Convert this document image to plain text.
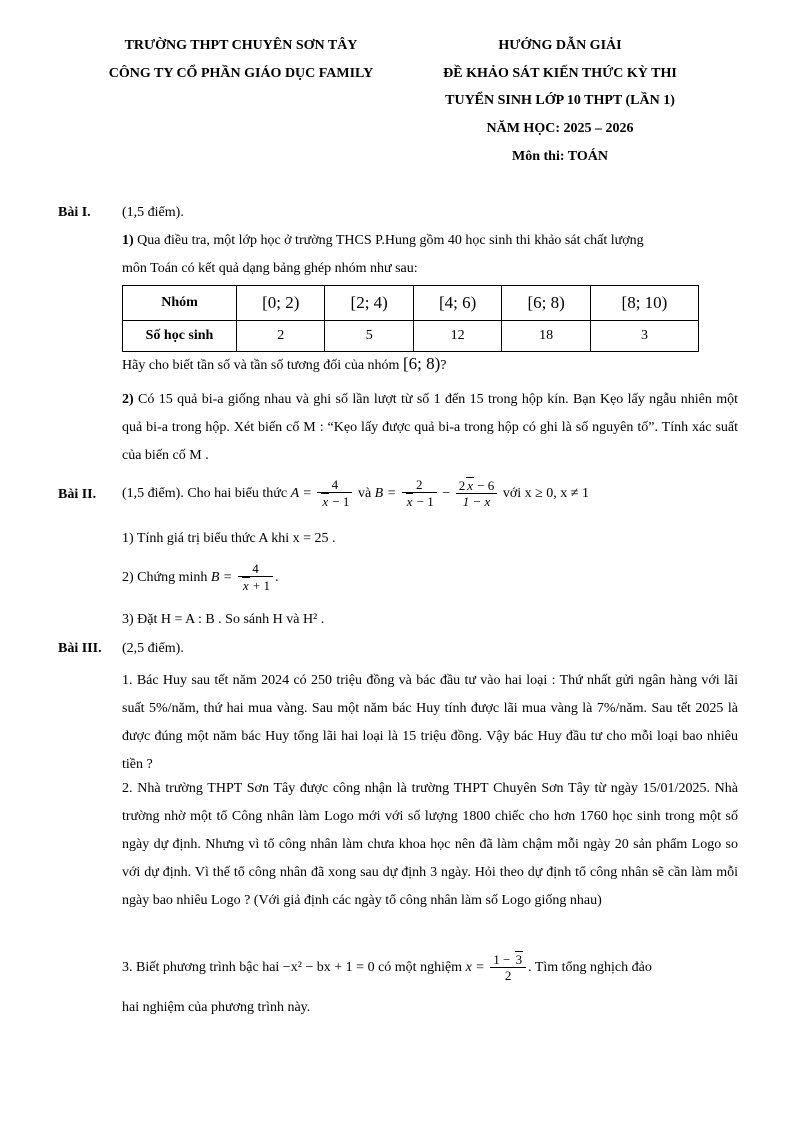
TRƯỜNG THPT CHUYÊN SƠN TÂY
CÔNG TY CỔ PHẦN GIÁO DỤC FAMILY
HƯỚNG DẪN GIẢI
ĐỀ KHẢO SÁT KIẾN THỨC KỲ THI
TUYỂN SINH LỚP 10 THPT (LẦN 1)
NĂM HỌC: 2025 – 2026
Môn thi: TOÁN
Bài I. (1,5 điểm).
1) Qua điều tra, một lớp học ở trường THCS P.Hung gồm 40 học sinh thi khảo sát chất lượng
môn Toán có kết quả dạng bảng ghép nhóm như sau:
Nhóm	[0; 2)	[2; 4)	[4; 6)	[6; 8)	[8; 10)
Số học sinh	2	5	12	18	3
Hãy cho biết tần số và tần số tương đối của nhóm [6; 8)?
2) Có 15 quả bi-a giống nhau và ghi số lần lượt từ số 1 đến 15 trong hộp kín. Bạn Kẹo lấy ngẫu nhiên một quả bi-a trong hộp. Xét biến cố M : “Kẹo lấy được quả bi-a trong hộp có ghi là số nguyên tố”. Tính xác suất của biến cố M .
Bài II. (1,5 điểm). Cho hai biểu thức $A = \frac{4}{x - 1}$ và $B = \frac{2}{x - 1} - \frac{2 x - 6}{1 - x}$ với x ≥ 0, x ≠ 1
1) Tính giá trị biểu thức A khi x = 25 .
2) Chứng minh $B = \frac{4}{x + 1}$ .
3) Đặt H = A : B . So sánh H và H² .
Bài III. (2,5 điểm).
1. Bác Huy sau tết năm 2024 có 250 triệu đồng và bác đầu tư vào hai loại : Thứ nhất gửi ngân hàng với lãi suất 5%/năm, thứ hai mua vàng. Sau một năm bác Huy tính được lãi mua vàng là 7%/năm. Sau tết 2025 là được đúng một năm bác Huy tổng lãi hai loại là 15 triệu đồng. Vậy bác Huy đầu tư cho mỗi loại bao nhiêu tiền ?
2. Nhà trường THPT Sơn Tây được công nhận là trường THPT Chuyên Sơn Tây từ ngày 15/01/2025. Nhà trường nhờ một tổ Công nhân làm Logo mới với số lượng 1800 chiếc cho hơn 1760 học sinh trong một số ngày dự định. Nhưng vì tổ công nhân làm chưa khoa học nên đã làm chậm mỗi ngày 20 sản phẩm Logo so với dự định. Vì thế tổ công nhân đã xong sau dự định 3 ngày. Hỏi theo dự định tổ công nhân sẽ cần làm mỗi ngày bao nhiêu Logo ? (Với giả định các ngày tổ công nhân làm số Logo giống nhau)
3. Biết phương trình bậc hai −x² − bx + 1 = 0 có một nghiệm $x = \frac{1 - 3}{2}$ . Tìm tổng nghịch đảo
hai nghiệm của phương trình này.
